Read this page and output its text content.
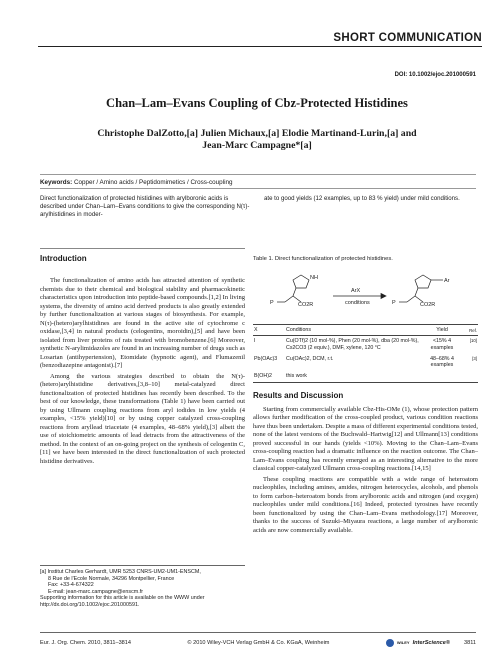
SHORT COMMUNICATION
DOI: 10.1002/ejoc.201000591
Chan–Lam–Evans Coupling of Cbz-Protected Histidines
Christophe DalZotto,[a] Julien Michaux,[a] Elodie Martinand-Lurin,[a] and
Jean-Marc Campagne*[a]
Keywords: Copper / Amino acids / Peptidomimetics / Cross-coupling
Direct functionalization of protected histidines with arylboronic acids is described under Chan–Lam–Evans conditions to give the corresponding N(τ)-arylhistidines in moder-
ate to good yields (12 examples, up to 83 % yield) under mild conditions.
Introduction

The functionalization of amino acids has attracted attention of synthetic chemists due to their chemical and biological stability and pharmacokinetic characteristics upon introduction into peptide-based compounds.[1,2] In living systems, the diversity of amino acid derived products is also greatly extended by further functionalization at various stages of biosynthesis. For example, N(τ)-(hetero)arylhistidines are found in the active site of cytochrome c oxidase,[3,4] in natural products (celogentins, moroidin),[5] and have been isolated from liver proteins of rats treated with bromobenzene.[6] Moreover, synthetic N-arylimidazoles are found in an increasing number of drugs such as Losartan (antihypertension), Etomidate (hypnotic agent), and Flumazenil (benzodiazepine antagonist).[7]

Among the various strategies described to obtain the N(τ)-(hetero)arylhistidine derivatives,[3,8–10] metal-catalyzed direct functionalization of protected histidines has recently been described. To the best of our knowledge, these transformations (Table 1) have been carried out by using Ullmann coupling reactions from aryl iodides in low yields (4 examples, <15% yield)[10] or by using copper catalyzed cross-coupling reactions from aryllead triacetate (4 examples, 48–68% yield),[3] albeit the use of stoichiometric amounts of lead detracts from the attractiveness of the method. In the context of an on-going project on the synthesis of celogentin C,[11] we have been interested in the direct functionalization of such protected histidine derivatives.

Table 1. Direct functionalization of protected histidines.
NH
P	CO2R
ArX
conditions
Ar
P	CO2R
X	Conditions	Yield	Ref.
I	Cu(OTf)2 (10 mol-%), Phen (20 mol-%), dba (20 mol-%), Cs2CO3 (2 equiv.), DMF, xylene, 120 °C	<15% 4 examples	[10]
Pb(OAc)3	Cu(OAc)2, DCM, r.t.	48–68% 4 examples	[3]
B(OH)2	this work		
Results and Discussion

Starting from commercially available Cbz-His-OMe (1), whose protection pattern allows further modification of the cross-coupled product, various condition reactions have thus been undertaken. Despite a mass of different experimental conditions tested, none of the latest versions of the Buchwald–Hartwig[12] and Ullmann[13] conditions proved successful in our hands (yields <10%). Moving to the Chan–Lam–Evans cross-coupling reaction had a dramatic influence on the reaction outcome. The Chan–Lam–Evans coupling has recently emerged as an interesting alternative to the more classical copper-catalyzed Ullmann cross-coupling reactions.[14,15]

These coupling reactions are compatible with a wide range of heteroatom nucleophiles, including amines, amides, nitrogen heterocycles, alcohols, and phenols to form carbon–heteroatom bonds from arylboronic acids and nitrogen (and oxygen) nucleophiles under mild conditions.[16] Indeed, protected tyrosines have recently been functionalized by using the Chan–Lam–Evans methodology.[17] Moreover, thanks to the success of Suzuki–Miyaura reactions, a large number of arylboronic acids are now commercially available.

[a] Institut Charles Gerhardt, UMR 5253 CNRS-UM2-UM1-ENSCM,
8 Rue de l'Ecole Normale, 34296 Montpellier, France
Fax: +33-4-674322
E-mail: jean-marc.campagne@enscm.fr
Supporting information for this article is available on the WWW under http://dx.doi.org/10.1002/ejoc.201000591.
Eur. J. Org. Chem. 2010, 3811–3814	© 2010 Wiley-VCH Verlag GmbH & Co. KGaA, Weinheim	WILEY InterScience®	3811
